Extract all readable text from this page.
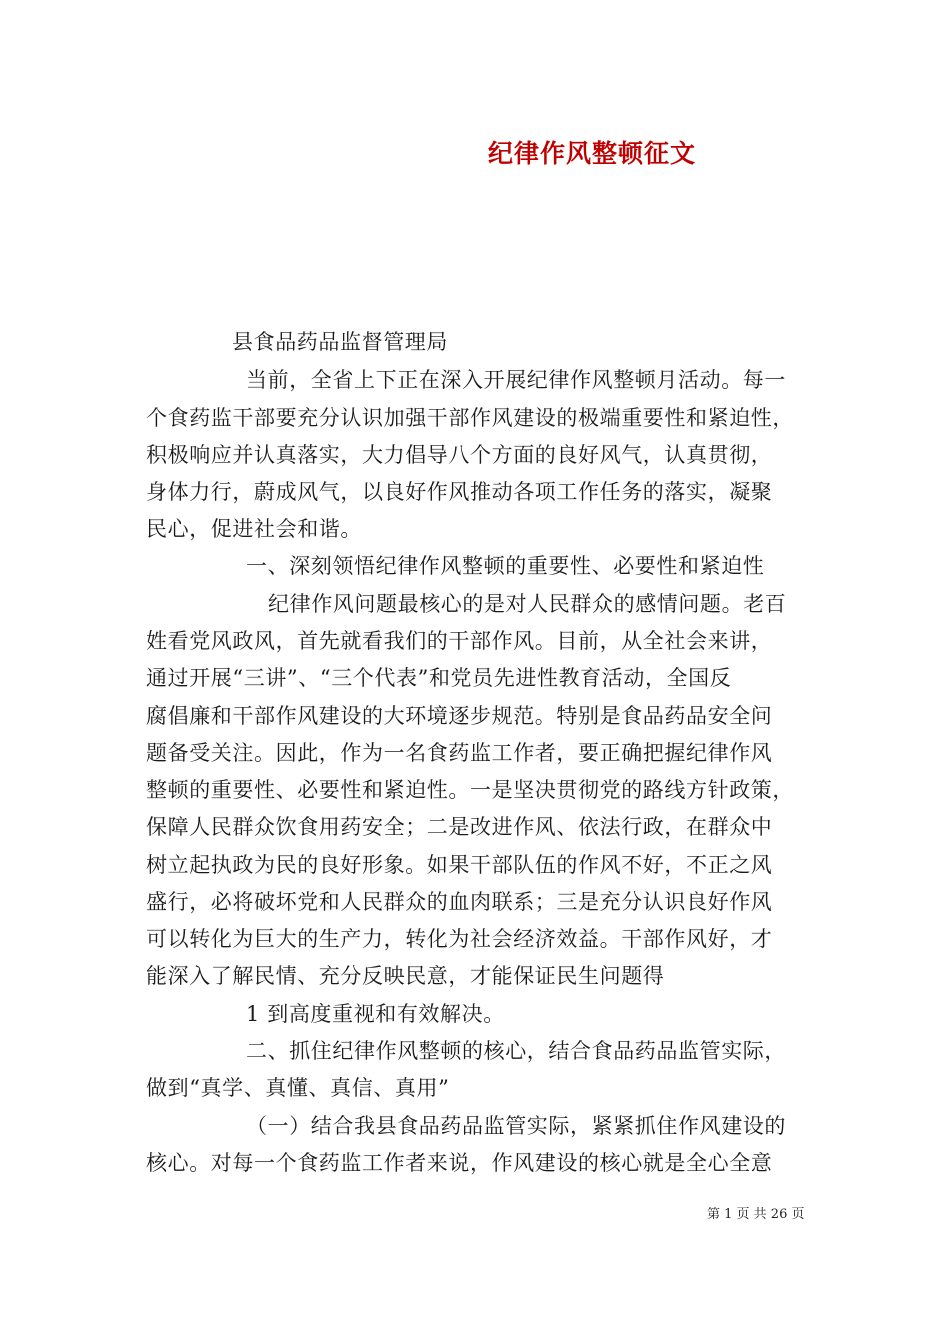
纪律作风整顿征文
县食品药品监督管理局
当前，全省上下正在深入开展纪律作风整顿月活动。每一
个食药监干部要充分认识加强干部作风建设的极端重要性和紧迫性，
积极响应并认真落实，大力倡导八个方面的良好风气，认真贯彻，
身体力行，蔚成风气，以良好作风推动各项工作任务的落实，凝聚
民心，促进社会和谐。
一、深刻领悟纪律作风整顿的重要性、必要性和紧迫性
纪律作风问题最核心的是对人民群众的感情问题。老百
姓看党风政风，首先就看我们的干部作风。目前，从全社会来讲，
通过开展“三讲”、“三个代表”和党员先进性教育活动，全国反
腐倡廉和干部作风建设的大环境逐步规范。特别是食品药品安全问
题备受关注。因此，作为一名食药监工作者，要正确把握纪律作风
整顿的重要性、必要性和紧迫性。一是坚决贯彻党的路线方针政策，
保障人民群众饮食用药安全；二是改进作风、依法行政，在群众中
树立起执政为民的良好形象。如果干部队伍的作风不好，不正之风
盛行，必将破坏党和人民群众的血肉联系；三是充分认识良好作风
可以转化为巨大的生产力，转化为社会经济效益。干部作风好，才
能深入了解民情、充分反映民意，才能保证民生问题得
1 到高度重视和有效解决。
二、抓住纪律作风整顿的核心，结合食品药品监管实际，
做到“真学、真懂、真信、真用”
（一）结合我县食品药品监管实际，紧紧抓住作风建设的
核心。对每一个食药监工作者来说，作风建设的核心就是全心全意
第 1 页 共 26 页
